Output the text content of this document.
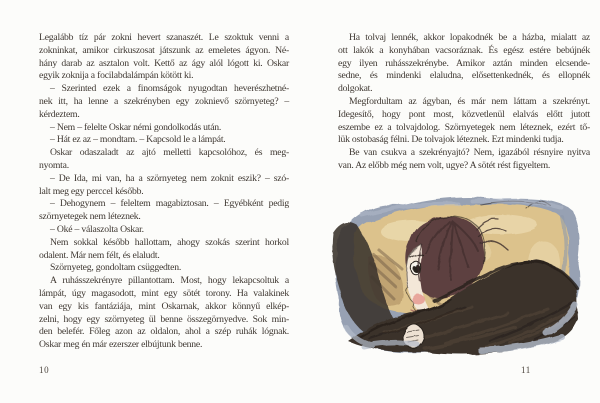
Legalább tíz pár zokni hevert szanaszét. Le szoktuk venni a
zokninkat, amikor cirkuszosat játszunk az emeletes ágyon. Né-
hány darab az asztalon volt. Kettő az ágy alól lógott ki. Oskar
egyik zoknija a focilabdalámpán kötött ki.
– Szerinted ezek a finomságok nyugodtan heverészhetné-
nek itt, ha lenne a szekrényben egy zoknievő szörnyeteg? –
kérdeztem.
– Nem – felelte Oskar némi gondolkodás után.
– Hát ez az – mondtam. – Kapcsold le a lámpát.
Oskar odaszaladt az ajtó melletti kapcsolóhoz, és meg-
nyomta.
– De Ida, mi van, ha a szörnyeteg nem zoknit eszik? – szó-
lalt meg egy perccel később.
– Dehogynem – feleltem magabiztosan. – Egyébként pedig
szörnyetegek nem léteznek.
– Oké – válaszolta Oskar.
Nem sokkal később hallottam, ahogy szokás szerint horkol
odalent. Már nem félt, és elaludt.
Szörnyeteg, gondoltam csüggedten.
A ruhásszekrényre pillantottam. Most, hogy lekapcsoltuk a
lámpát, úgy magasodott, mint egy sötét torony. Ha valakinek
van egy kis fantáziája, mint Oskarnak, akkor könnyű elkép-
zelni, hogy egy szörnyeteg ül benne összegörnyedve. Sok min-
den belefér. Főleg azon az oldalon, ahol a szép ruhák lógnak.
Oskar meg én már ezerszer elbújtunk benne.
10
Ha tolvaj lennék, akkor lopakodnék be a házba, mialatt az
ott lakók a konyhában vacsoráznak. És egész estére bebújnék
egy ilyen ruhásszekrénybe. Amikor aztán minden elcsende-
sedne, és mindenki elaludna, elősettenkednék, és ellopnék
dolgokat.
Megfordultam az ágyban, és már nem láttam a szekrényt.
Idegesítő, hogy pont most, közvetlenül elalvás előtt jutott
eszembe ez a tolvajdolog. Szörnyetegek nem léteznek, ezért tő-
lük ostobaság félni. De tolvajok léteznek. Ezt mindenki tudja.
Be van csukva a szekrényajtó? Nem, igazából résnyire nyitva
van. Az előbb még nem volt, ugye? A sötét rést figyeltem.
11
